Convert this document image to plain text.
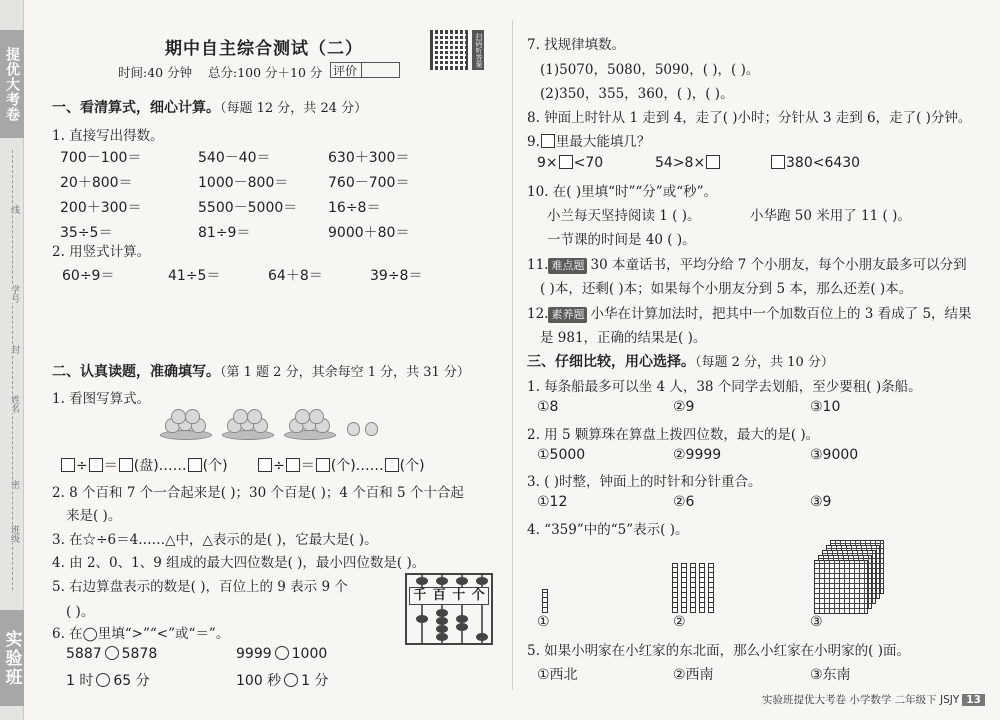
提优大考卷
线
学号
封
姓名
密
班级
实验班
期中自主综合测试（二）
时间:40 分钟 总分:100 分＋10 分 评价
扫码听答案
一、看清算式，细心计算。（每题 12 分，共 24 分）
1. 直接写出得数。
700－100＝	540－40＝	630＋300＝
20＋800＝	1000－800＝	760－700＝
200＋300＝	5500－5000＝ 16÷8＝
35÷5＝	81÷9＝	9000＋80＝
2. 用竖式计算。
60÷9＝	41÷5＝	64＋8＝	39÷8＝
二、认真读题，准确填写。（第 1 题 2 分，其余每空 1 分，共 31 分）
1. 看图写算式。
÷ ＝ (盘)…… (个)	÷ ＝ (个)…… (个)
2. 8 个百和 7 个一合起来是( )；30 个百是( )；4 个百和 5 个十合起
来是( )。
3. 在☆÷6＝4……△中，△表示的是( )，它最大是( )。
4. 由 2、0、1、9 组成的最大四位数是( )，最小四位数是( )。
5. 右边算盘表示的数是( )，百位上的 9 表示 9 个
( )。
千 百 十 个
6. 在◯里填“>”“<”或“＝”。
5887 5878	9999 1000
1 时 65 分	100 秒 1 分
7. 找规律填数。
(1)5070，5080，5090，( )，( )。
(2)350，355，360，( )，( )。
8. 钟面上时针从 1 走到 4，走了( )小时；分针从 3 走到 6，走了( )分钟。
9. 里最大能填几？
9× <70	54>8×	380<6430
10. 在( )里填“时”“分”或“秒”。
小兰每天坚持阅读 1 ( )。	小华跑 50 米用了 11 ( )。
一节课的时间是 40 ( )。
11. 难点题 30 本童话书，平均分给 7 个小朋友，每个小朋友最多可以分到
( )本，还剩( )本；如果每个小朋友分到 5 本，那么还差( )本。
12. 素养题 小华在计算加法时，把其中一个加数百位上的 3 看成了 5，结果
是 981，正确的结果是( )。
三、仔细比较，用心选择。（每题 2 分，共 10 分）
1. 每条船最多可以坐 4 人，38 个同学去划船，至少要租( )条船。
①8	②9	③10
2. 用 5 颗算珠在算盘上拨四位数，最大的是( )。
①5000	②9999	③9000
3. ( )时整，钟面上的时针和分针重合。
①12	②6	③9
4. “359”中的“5”表示( )。
①	②	③
5. 如果小明家在小红家的东北面，那么小红家在小明家的( )面。
①西北	②西南	③东南
实验班提优大考卷 小学数学 二年级下 JSJY 13
